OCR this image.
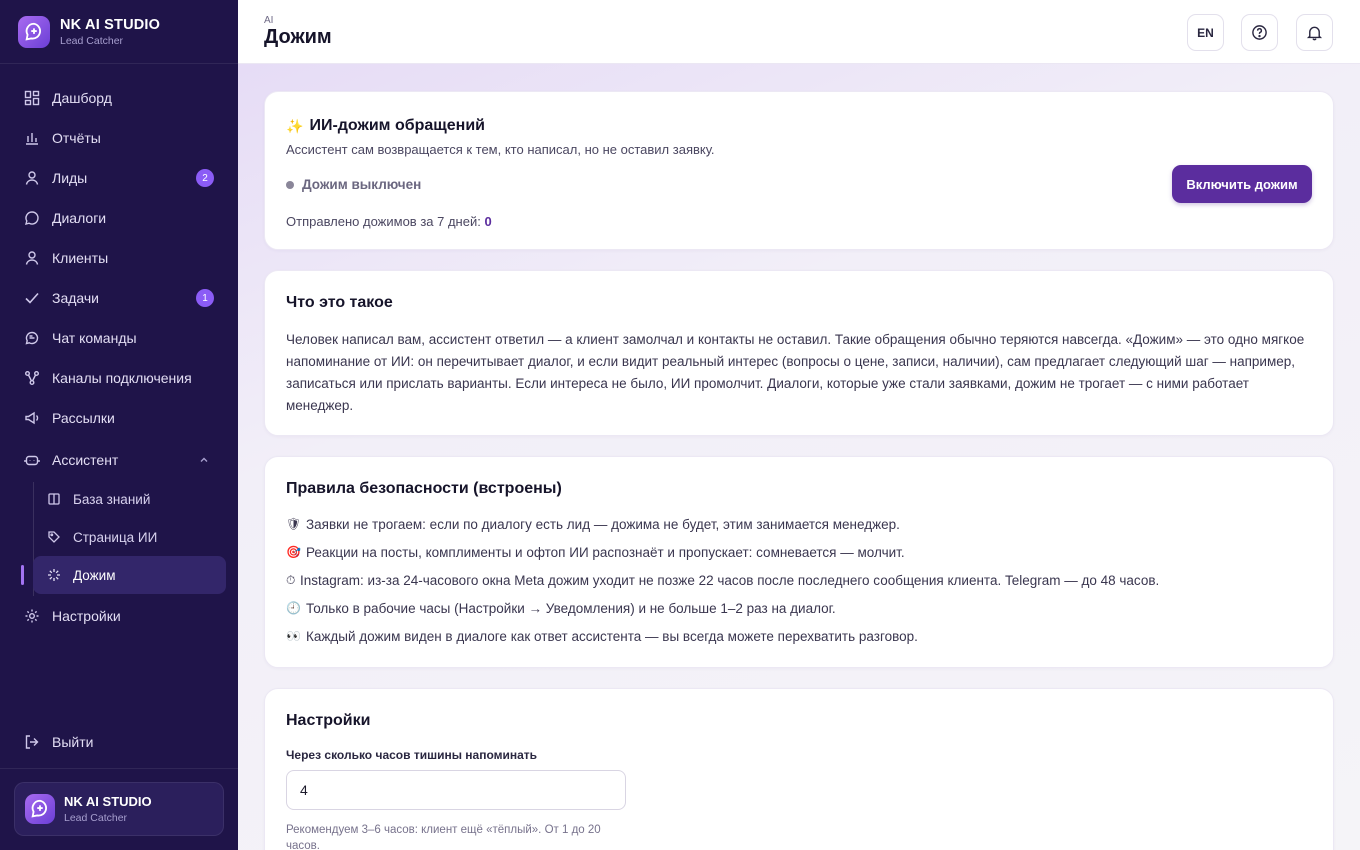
NK AI STUDIO
Lead Catcher
Дашборд
Отчёты
Лиды	2
Диалоги
Клиенты
Задачи	1
Чат команды
Каналы подключения
Рассылки
Ассистент
База знаний
Страница ИИ
Дожим
Настройки
Выйти
NK AI STUDIO
Lead Catcher
AI
Дожим	EN
✨ ИИ-дожим обращений
Ассистент сам возвращается к тем, кто написал, но не оставил заявку.
Дожим выключен	Включить дожим
Отправлено дожимов за 7 дней: 0
Что это такое

Человек написал вам, ассистент ответил — а клиент замолчал и контакты не оставил. Такие обращения обычно теряются навсегда. «Дожим» — это одно мягкое напоминание от ИИ: он перечитывает диалог, и если видит реальный интерес (вопросы о цене, записи, наличии), сам предлагает следующий шаг — например, записаться или прислать варианты. Если интереса не было, ИИ промолчит. Диалоги, которые уже стали заявками, дожим не трогает — с ними работает менеджер.

Правила безопасности (встроены)
🛡 Заявки не трогаем: если по диалогу есть лид — дожима не будет, этим занимается менеджер.
🎯 Реакции на посты, комплименты и офтоп ИИ распознаёт и пропускает: сомневается — молчит.
⏱ Instagram: из-за 24-часового окна Meta дожим уходит не позже 22 часов после последнего сообщения клиента. Telegram — до 48 часов.
🕘 Только в рабочие часы (Настройки → Уведомления) и не больше 1–2 раз на диалог.
👀 Каждый дожим виден в диалоге как ответ ассистента — вы всегда можете перехватить разговор.
Настройки
Через сколько часов тишины напоминать
4
Рекомендуем 3–6 часов: клиент ещё «тёплый». От 1 до 20 часов.
